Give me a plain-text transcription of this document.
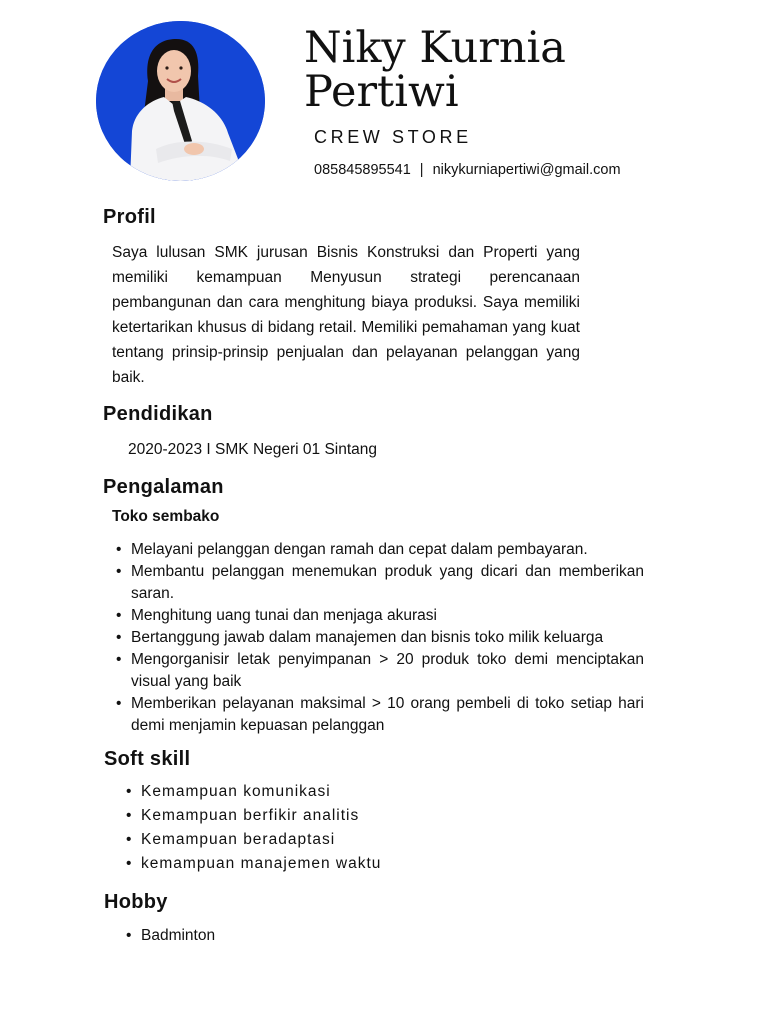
Niky Kurnia
Pertiwi
CREW STORE
085845895541 | nikykurniapertiwi@gmail.com
Profil

Saya lulusan SMK jurusan Bisnis Konstruksi dan Properti yang memiliki kemampuan Menyusun strategi perencanaan pembangunan dan cara menghitung biaya produksi. Saya memiliki ketertarikan khusus di bidang retail. Memiliki pemahaman yang kuat tentang prinsip-prinsip penjualan dan pelayanan pelanggan yang baik.

Pendidikan
2020-2023 I SMK Negeri 01 Sintang
Pengalaman
Toko sembako
• Melayani pelanggan dengan ramah dan cepat dalam pembayaran.
• Membantu pelanggan menemukan produk yang dicari dan memberikan saran.
• Menghitung uang tunai dan menjaga akurasi
• Bertanggung jawab dalam manajemen dan bisnis toko milik keluarga
• Mengorganisir letak penyimpanan > 20 produk toko demi menciptakan visual yang baik
• Memberikan pelayanan maksimal > 10 orang pembeli di toko setiap hari demi menjamin kepuasan pelanggan
Soft skill
• Kemampuan komunikasi
• Kemampuan berfikir analitis
• Kemampuan beradaptasi
• kemampuan manajemen waktu
Hobby
• Badminton
